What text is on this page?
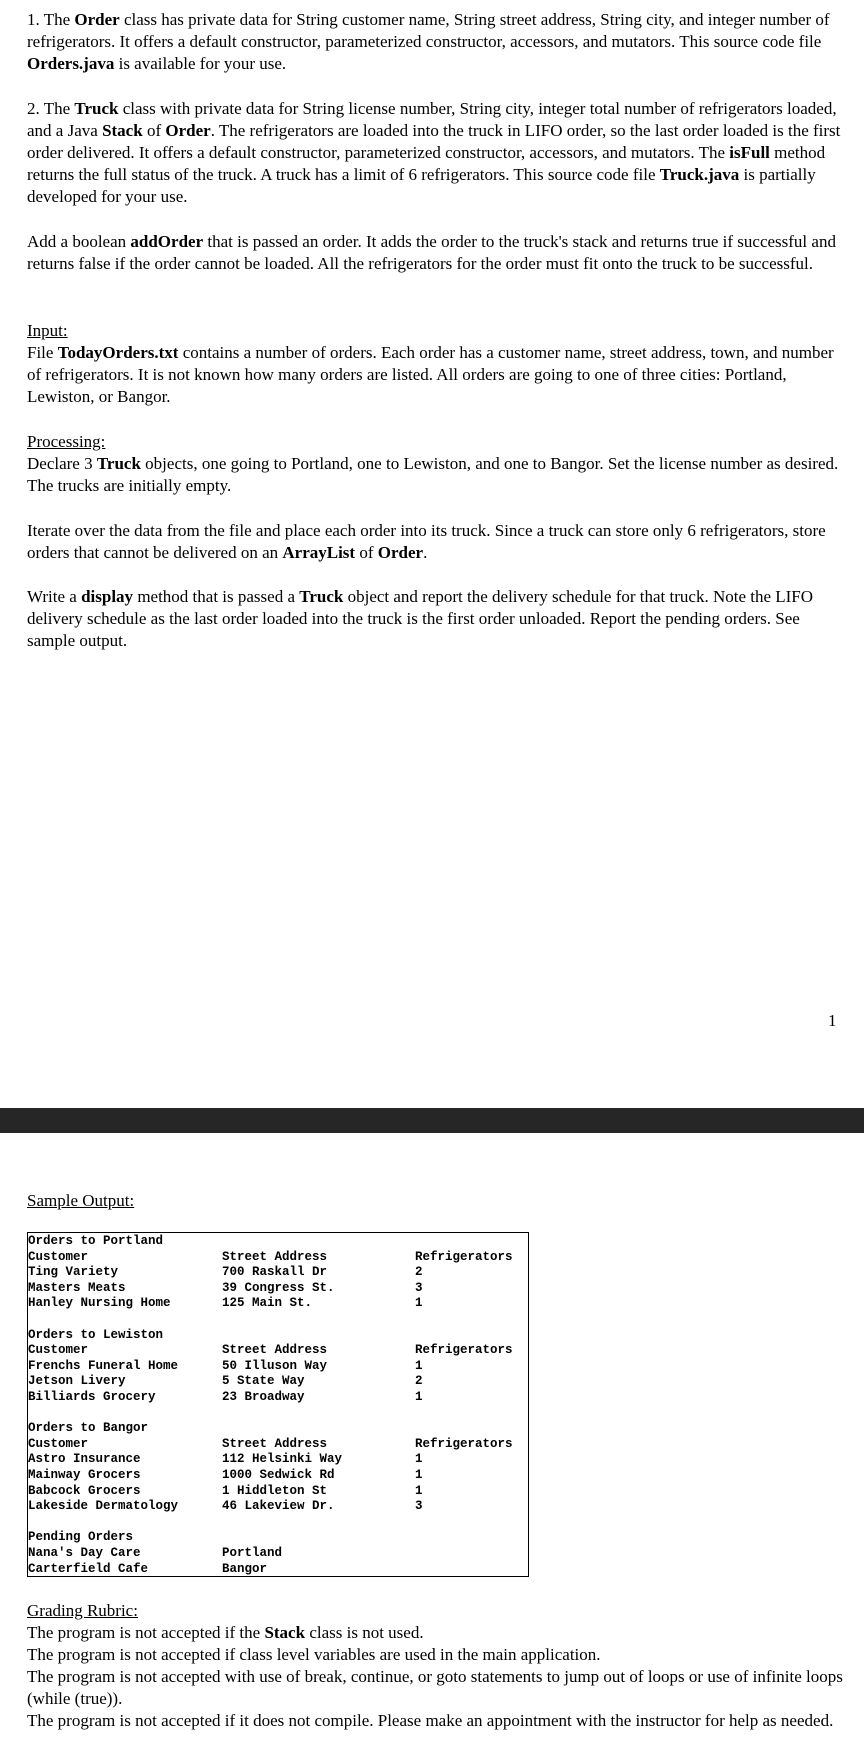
1. The Order class has private data for String customer name, String street address, String city, and integer number of refrigerators. It offers a default constructor, parameterized constructor, accessors, and mutators. This source code file Orders.java is available for your use.

2. The Truck class with private data for String license number, String city, integer total number of refrigerators loaded, and a Java Stack of Order. The refrigerators are loaded into the truck in LIFO order, so the last order loaded is the first order delivered. It offers a default constructor, parameterized constructor, accessors, and mutators. The isFull method returns the full status of the truck. A truck has a limit of 6 refrigerators. This source code file Truck.java is partially developed for your use.

Add a boolean addOrder that is passed an order. It adds the order to the truck's stack and returns true if successful and returns false if the order cannot be loaded. All the refrigerators for the order must fit onto the truck to be successful.

Input:

File TodayOrders.txt contains a number of orders. Each order has a customer name, street address, town, and number of refrigerators. It is not known how many orders are listed. All orders are going to one of three cities: Portland, Lewiston, or Bangor.

Processing:

Declare 3 Truck objects, one going to Portland, one to Lewiston, and one to Bangor. Set the license number as desired. The trucks are initially empty.

Iterate over the data from the file and place each order into its truck. Since a truck can store only 6 refrigerators, store orders that cannot be delivered on an ArrayList of Order.

Write a display method that is passed a Truck object and report the delivery schedule for that truck. Note the LIFO delivery schedule as the last order loaded into the truck is the first order unloaded. Report the pending orders. See sample output.

1

Sample Output:

Orders to Portland
Customer	Street Address	Refrigerators
Ting Variety	700 Raskall Dr	2
Masters Meats	39 Congress St.	3
Hanley Nursing Home	125 Main St.	1
Orders to Lewiston
Customer	Street Address	Refrigerators
Frenchs Funeral Home	50 Illuson Way	1
Jetson Livery	5 State Way	2
Billiards Grocery	23 Broadway	1
Orders to Bangor
Customer	Street Address	Refrigerators
Astro Insurance	112 Helsinki Way	1
Mainway Grocers	1000 Sedwick Rd	1
Babcock Grocers	1 Hiddleton St	1
Lakeside Dermatology	46 Lakeview Dr.	3
Pending Orders
Nana's Day Care	Portland
Carterfield Cafe	Bangor

Grading Rubric:

The program is not accepted if the Stack class is not used.

The program is not accepted if class level variables are used in the main application.

The program is not accepted with use of break, continue, or goto statements to jump out of loops or use of infinite loops (while (true)).

The program is not accepted if it does not compile. Please make an appointment with the instructor for help as needed.
